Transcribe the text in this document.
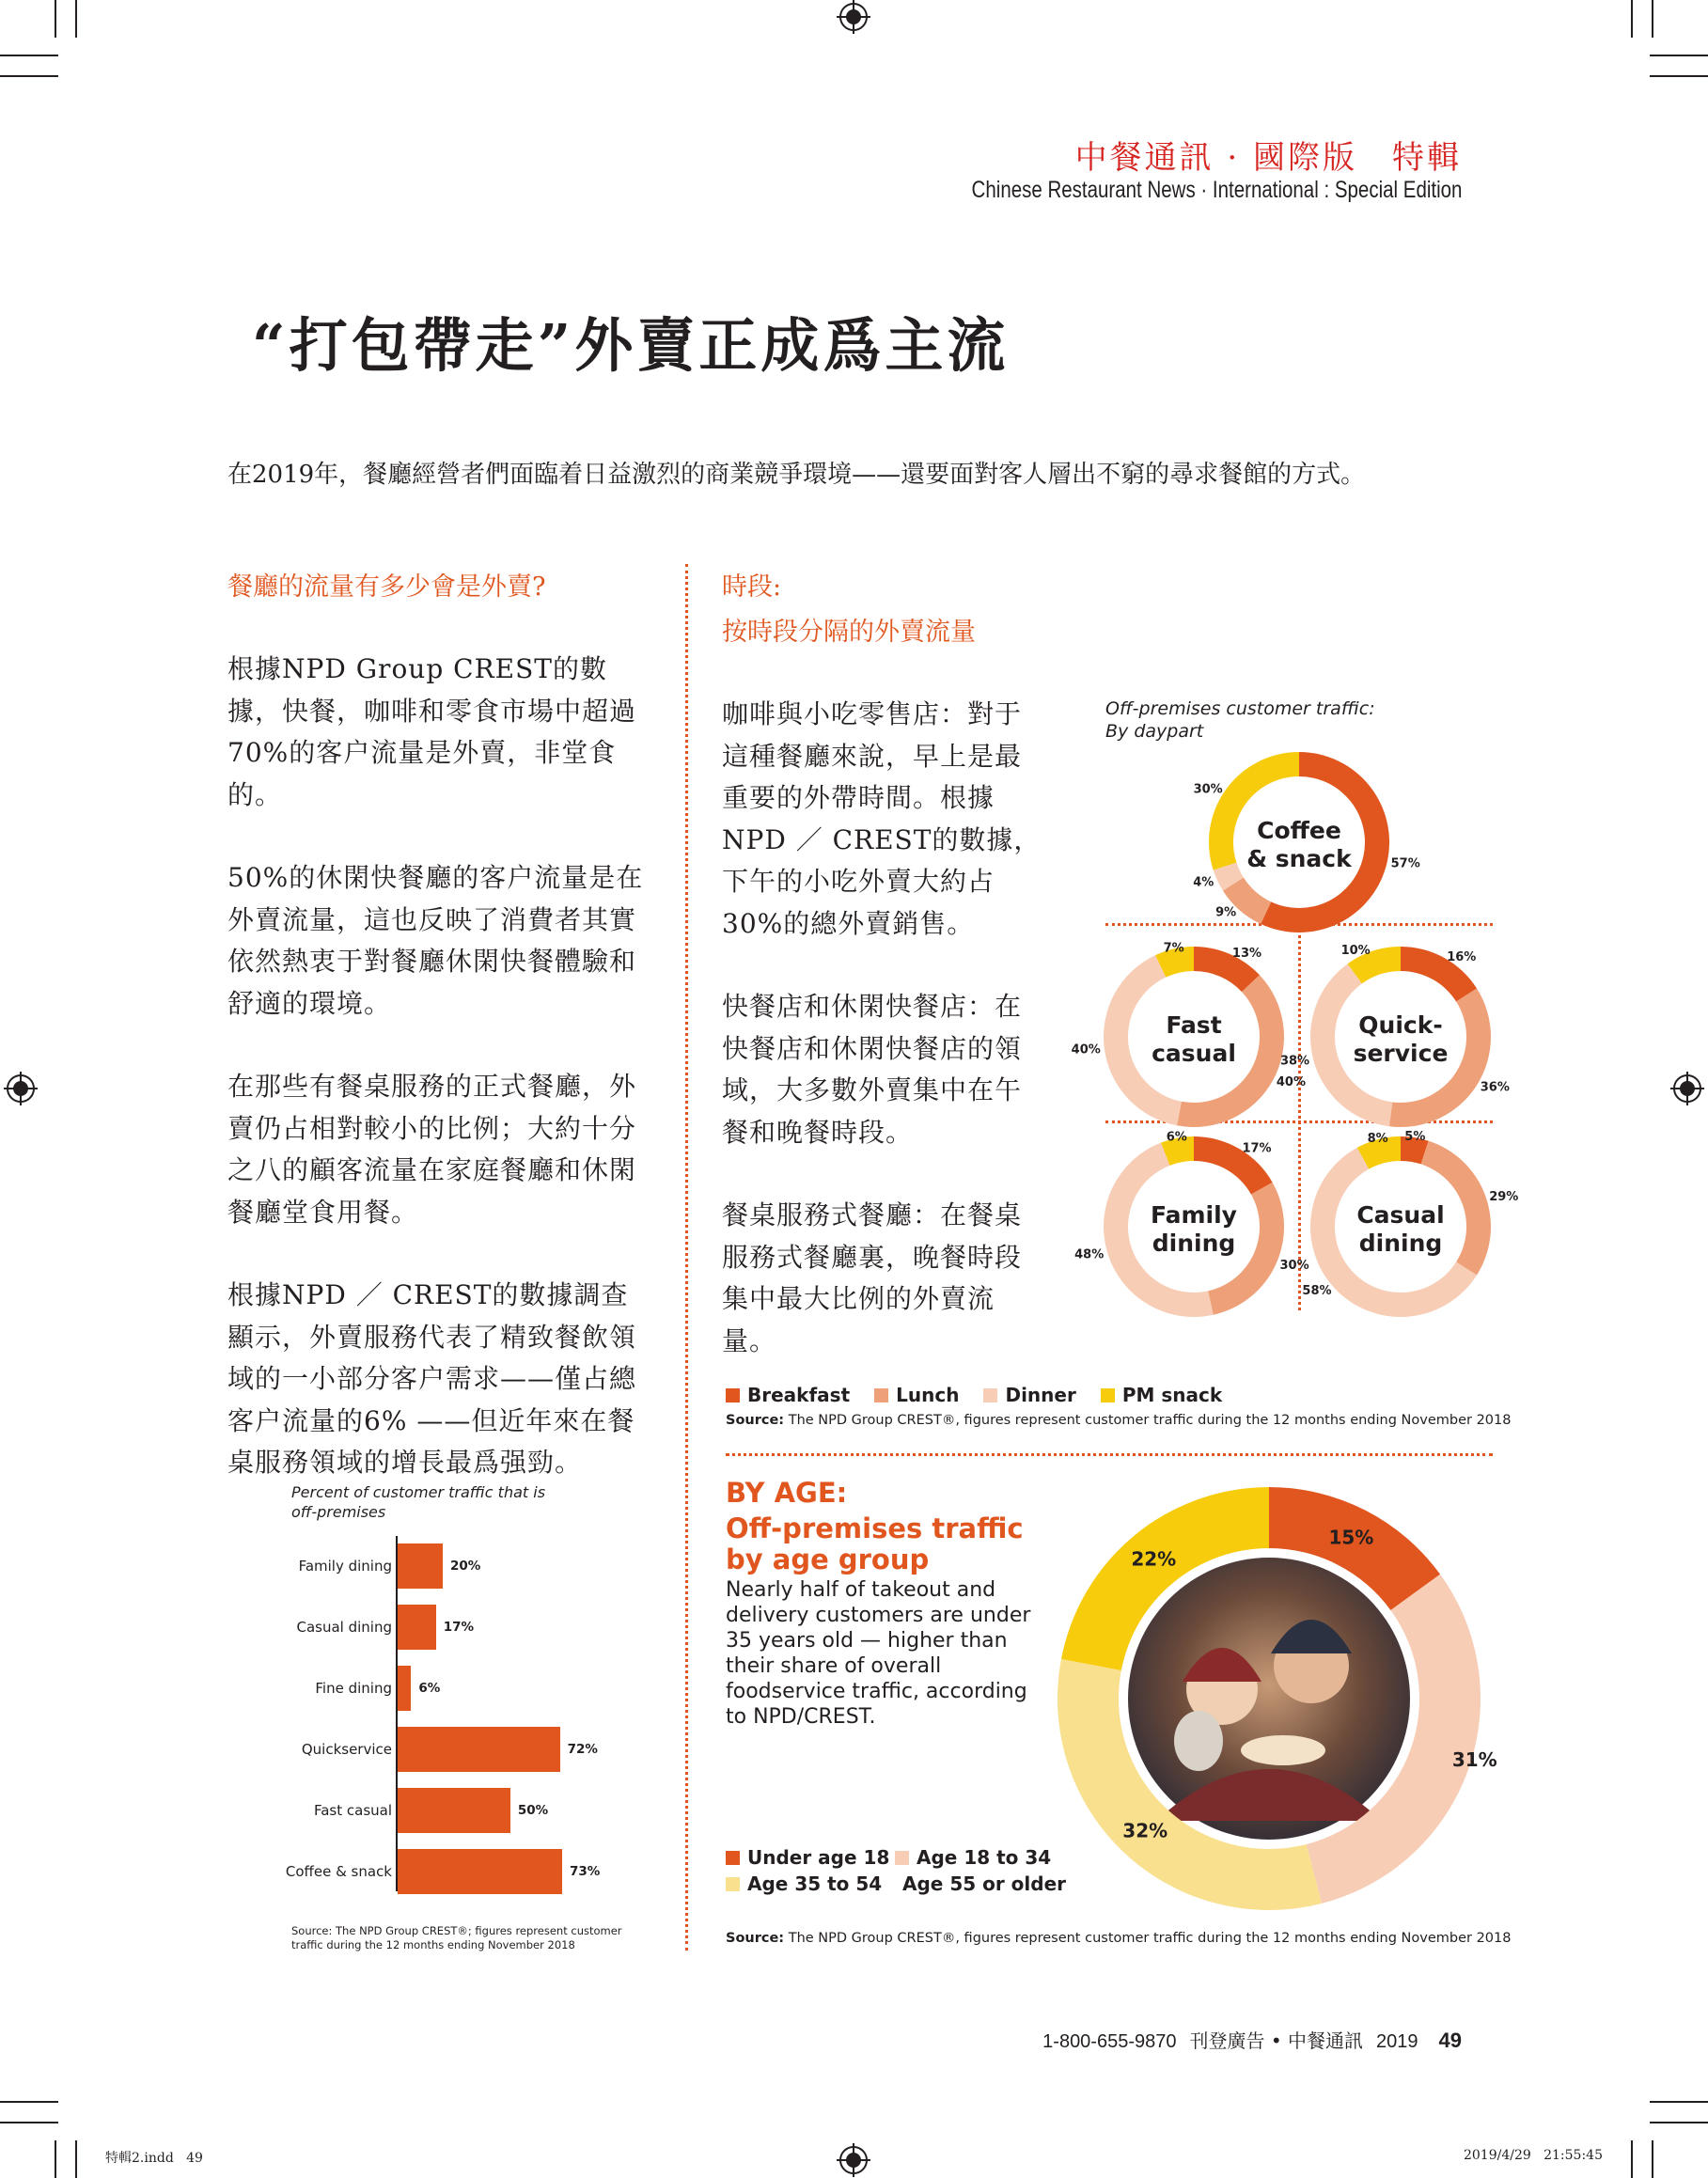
中餐通訊 · 國際版　特輯
Chinese Restaurant News · International : Special Edition
“打包帶走”外賣正成爲主流
在2019年，餐廳經營者們面臨着日益激烈的商業競爭環境——還要面對客人層出不窮的尋求餐館的方式。
餐廳的流量有多少會是外賣?

根據NPD Group CREST的數據，快餐，咖啡和零食市場中超過70%的客户流量是外賣，非堂食的。

50%的休閑快餐廳的客户流量是在外賣流量，這也反映了消費者其實依然熱衷于對餐廳休閑快餐體驗和舒適的環境。

在那些有餐桌服務的正式餐廳，外賣仍占相對較小的比例；大約十分之八的顧客流量在家庭餐廳和休閑餐廳堂食用餐。

根據NPD ／ CREST的數據調查顯示，外賣服務代表了精致餐飲領域的一小部分客户需求——僅占總客户流量的6% ——但近年來在餐桌服務領域的增長最爲强勁。

時段:
按時段分隔的外賣流量

咖啡與小吃零售店：對于這種餐廳來說，早上是最重要的外帶時間。根據NPD ／ CREST的數據，下午的小吃外賣大約占30%的總外賣銷售。

快餐店和休閑快餐店：在快餐店和休閑快餐店的領域，大多數外賣集中在午餐和晚餐時段。

餐桌服務式餐廳：在餐桌服務式餐廳裏，晚餐時段集中最大比例的外賣流量。

Off-premises customer traffic:
By daypart
57%
9%
4%
30%
Coffee
& snack
13%
40%
40%
7%
Fast
casual
16%
36%
38%
10%
Quick-
service
17%
30%
48%
6%
Family
dining
5%
29%
58%
8%
Casual
dining
Breakfast Lunch Dinner PM snack
Source: The NPD Group CREST®, figures represent customer traffic during the 12 months ending November 2018
BY AGE:
Off-premises traffic
by age group
Nearly half of takeout and delivery customers are under 35 years old — higher than their share of overall foodservice traffic, according to NPD/CREST.
15%
31%
32%
22%
Under age 18 Age 18 to 34
Age 35 to 54 Age 55 or older
Source: The NPD Group CREST®, figures represent customer traffic during the 12 months ending November 2018
Percent of customer traffic that is
off-premises
Family dining	20%
Casual dining	17%
Fine dining 6%
Quickservice	72%
Fast casual	50%
Coffee & snack	73%
Source: The NPD Group CREST®; figures represent customer
traffic during the 12 months ending November 2018
1-800-655-9870 刊登廣告 • 中餐通訊 2019 49
特輯2.indd   49	2019/4/29   21:55:45
